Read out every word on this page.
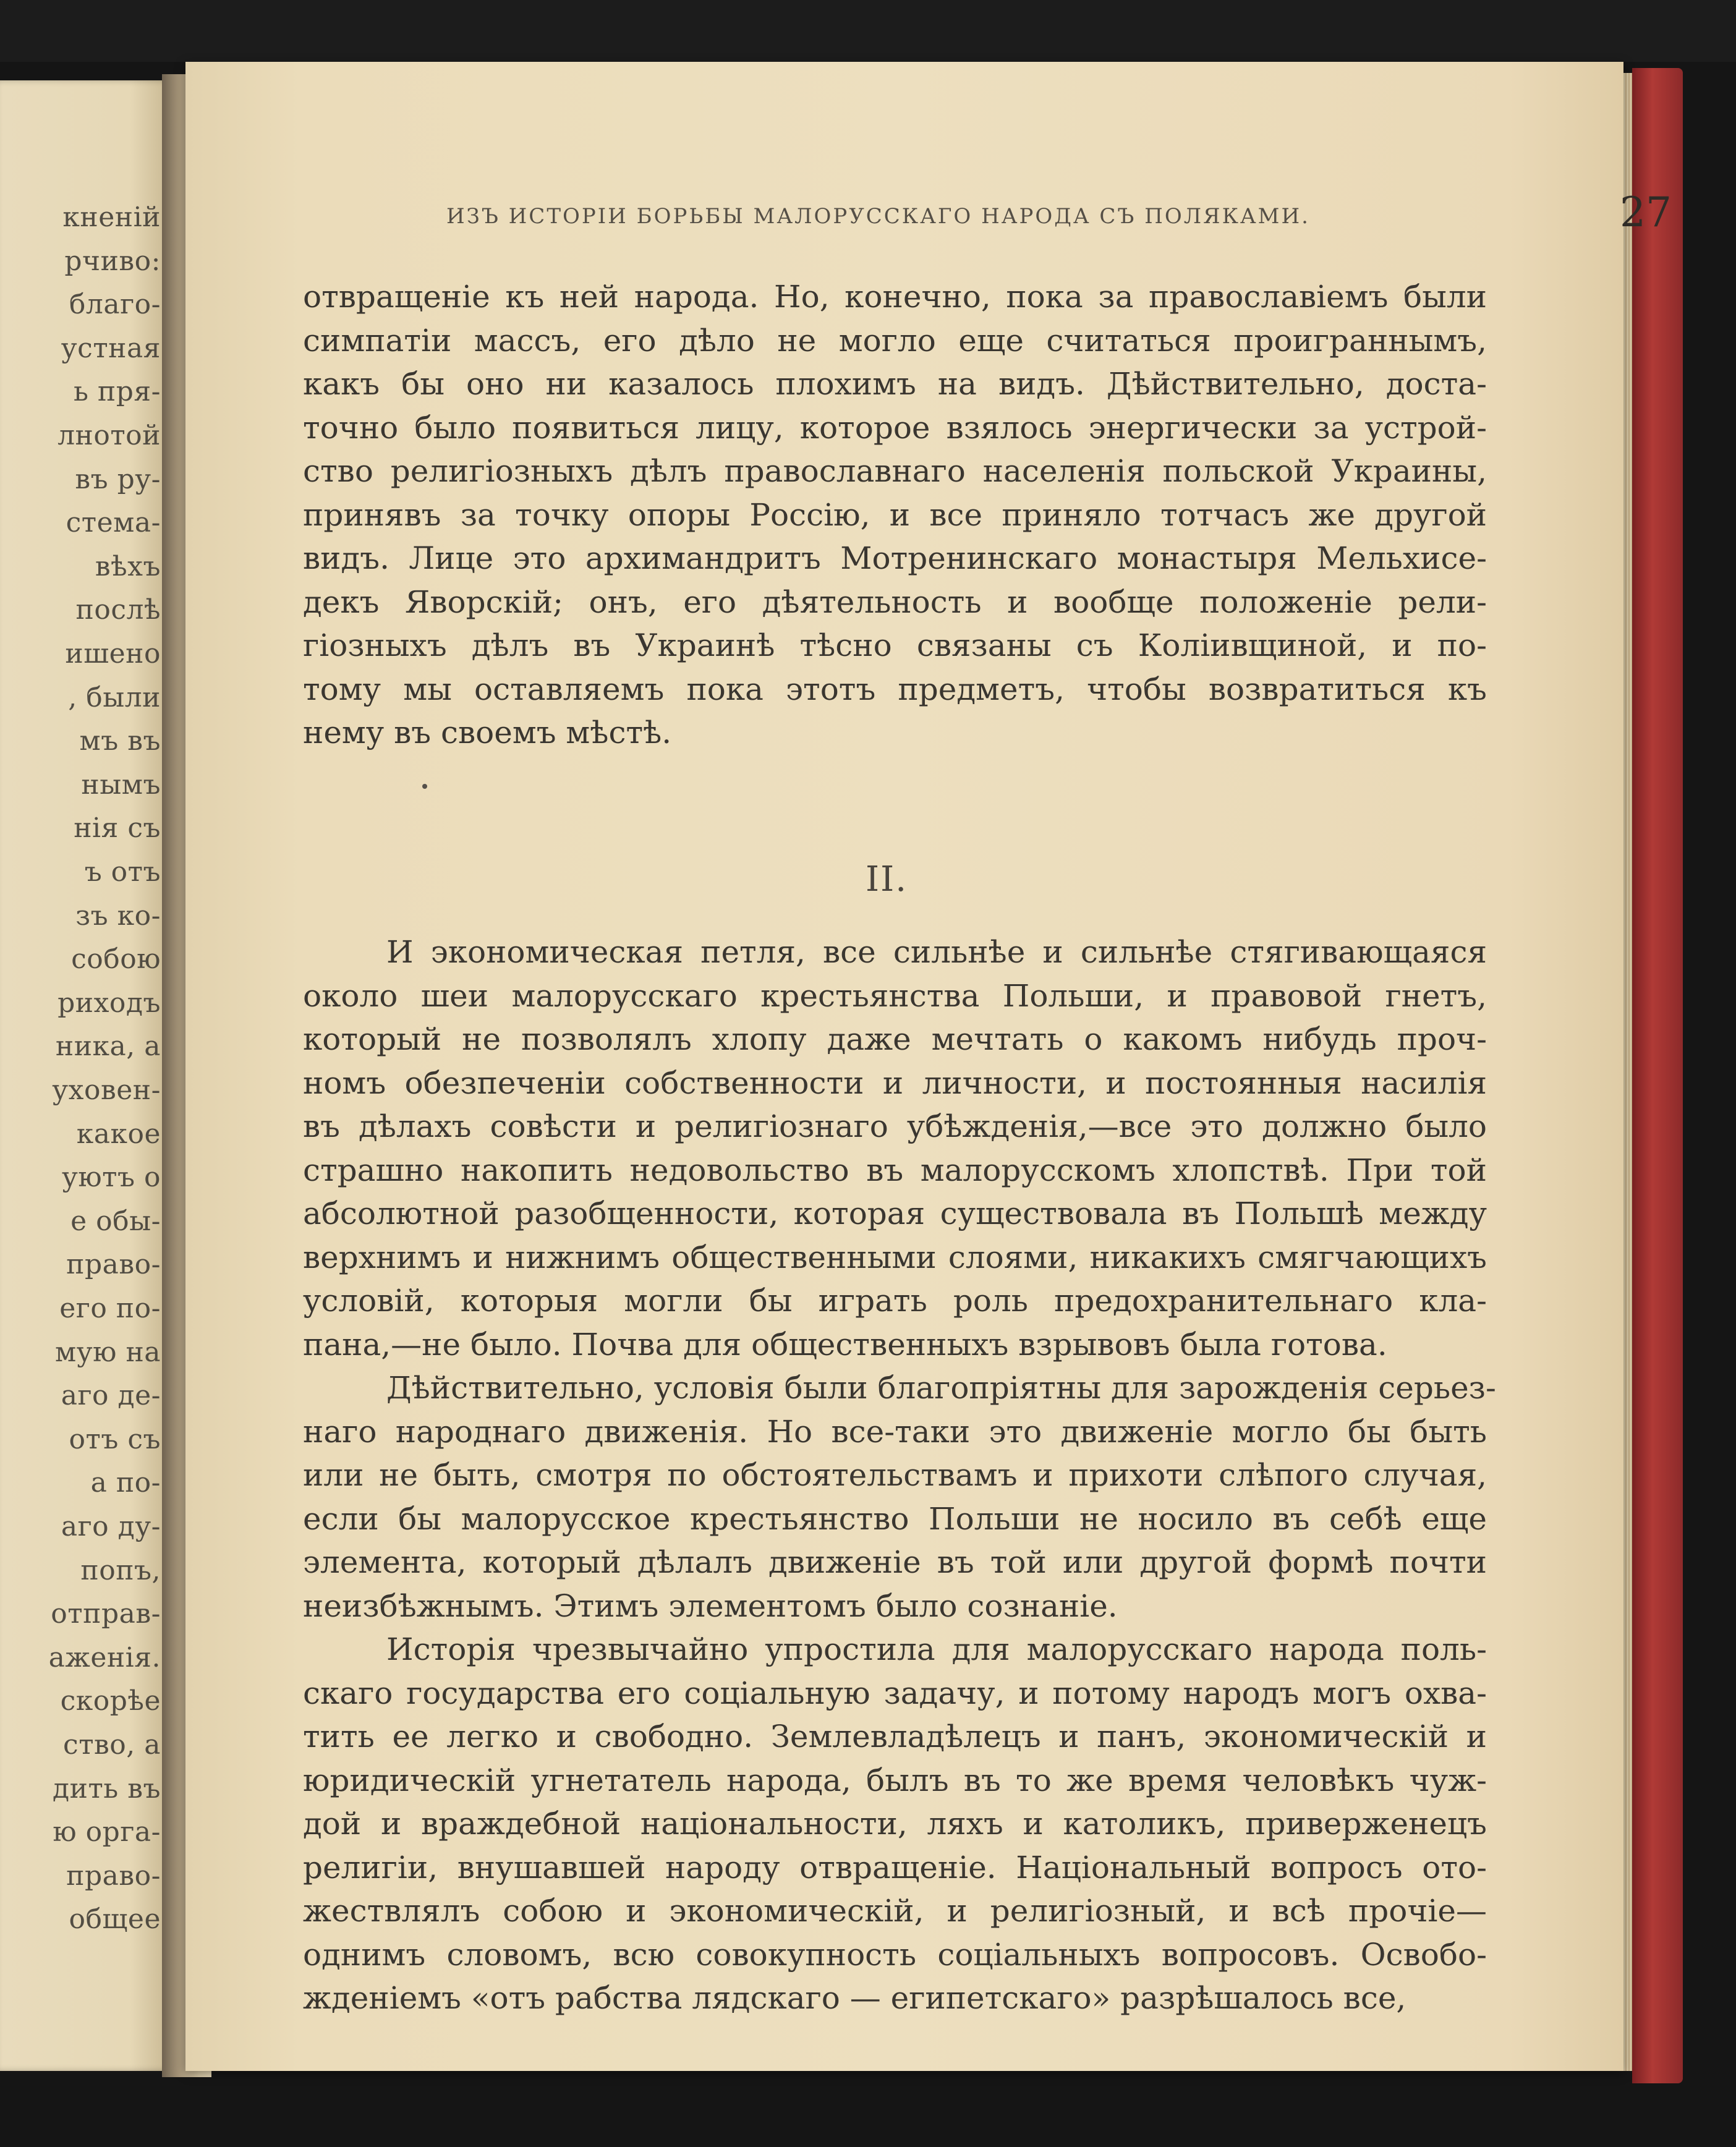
кненій
рчиво:
благо-
устная
ь пря-
лнотой
въ ру-
стема-
вѣхъ
послѣ
ишено
, были
мъ въ
нымъ
нія съ
ъ отъ
зъ ко-
собою
риходъ
ника, а
уховен-
какое
уютъ о
е обы-
право-
его по-
мую на
аго де-
отъ съ
а по-
аго ду-
попъ,
отправ-
аженія.
скорѣе
ство, а
дить въ
ю орга-
право-
общее
ИЗЪ ИСТОРІИ БОРЬБЫ МАЛОРУССКАГО НАРОДА СЪ ПОЛЯКАМИ.	27
отвращеніе къ ней народа. Но, конечно, пока за православіемъ были
симпатіи массъ, его дѣло не могло еще считаться проиграннымъ,
какъ бы оно ни казалось плохимъ на видъ. Дѣйствительно, доста-
точно было появиться лицу, которое взялось энергически за устрой-
ство религіозныхъ дѣлъ православнаго населенія польской Украины,
принявъ за точку опоры Россію, и все приняло тотчасъ же другой
видъ. Лице это архимандритъ Мотренинскаго монастыря Мельхисе-
декъ Яворскій; онъ, его дѣятельность и вообще положеніе рели-
гіозныхъ дѣлъ въ Украинѣ тѣсно связаны съ Колiивщиной, и по-
тому мы оставляемъ пока этотъ предметъ, чтобы возвратиться къ
нему въ своемъ мѣстѣ.
II.
И экономическая петля, все сильнѣе и сильнѣе стягивающаяся
около шеи малорусскаго крестьянства Польши, и правовой гнетъ,
который не позволялъ хлопу даже мечтать о какомъ нибудь проч-
номъ обезпеченіи собственности и личности, и постоянныя насилія
въ дѣлахъ совѣсти и религіознаго убѣжденія,—все это должно было
страшно накопить недовольство въ малорусскомъ хлопствѣ. При той
абсолютной разобщенности, которая существовала въ Польшѣ между
верхнимъ и нижнимъ общественными слоями, никакихъ смягчающихъ
условій, которыя могли бы играть роль предохранительнаго кла-
пана,—не было. Почва для общественныхъ взрывовъ была готова.
Дѣйствительно, условія были благопріятны для зарожденія серьез-
наго народнаго движенія. Но все-таки это движеніе могло бы быть
или не быть, смотря по обстоятельствамъ и прихоти слѣпого случая,
если бы малорусское крестьянство Польши не носило въ себѣ еще
элемента, который дѣлалъ движеніе въ той или другой формѣ почти
неизбѣжнымъ. Этимъ элементомъ было сознаніе.
Исторія чрезвычайно упростила для малорусскаго народа поль-
скаго государства его соціальную задачу, и потому народъ могъ охва-
тить ее легко и свободно. Землевладѣлецъ и панъ, экономическій и
юридическій угнетатель народа, былъ въ то же время человѣкъ чуж-
дой и враждебной національности, ляхъ и католикъ, приверженецъ
религіи, внушавшей народу отвращеніе. Національный вопросъ ото-
жествлялъ собою и экономическій, и религіозный, и всѣ прочіе—
однимъ словомъ, всю совокупность соціальныхъ вопросовъ. Освобо-
жденіемъ «отъ рабства лядскаго — египетскаго» разрѣшалось все,
